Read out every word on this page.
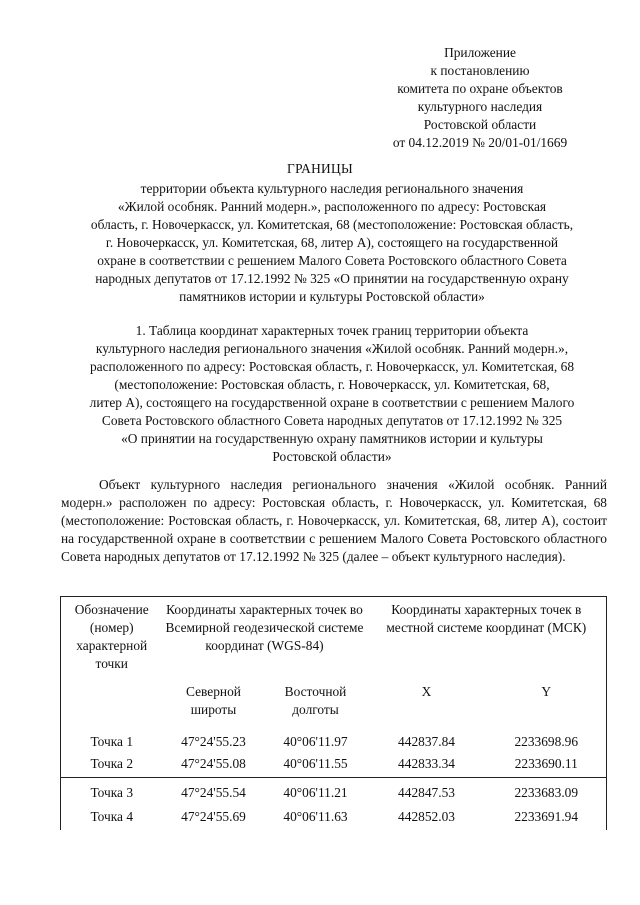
Приложение
к постановлению
комитета по охране объектов
культурного наследия
Ростовской области
от 04.12.2019 № 20/01-01/1669
ГРАНИЦЫ
территории объекта культурного наследия регионального значения
«Жилой особняк. Ранний модерн.», расположенного по адресу: Ростовская
область, г. Новочеркасск, ул. Комитетская, 68 (местоположение: Ростовская область,
г. Новочеркасск, ул. Комитетская, 68, литер А), состоящего на государственной
охране в соответствии с решением Малого Совета Ростовского областного Совета
народных депутатов от 17.12.1992 № 325 «О принятии на государственную охрану
памятников истории и культуры Ростовской области»
1. Таблица координат характерных точек границ территории объекта
культурного наследия регионального значения «Жилой особняк. Ранний модерн.»,
расположенного по адресу: Ростовская область, г. Новочеркасск, ул. Комитетская, 68
(местоположение: Ростовская область, г. Новочеркасск, ул. Комитетская, 68,
литер А), состоящего на государственной охране в соответствии с решением Малого
Совета Ростовского областного Совета народных депутатов от 17.12.1992 № 325
«О принятии на государственную охрану памятников истории и культуры
Ростовской области»
Объект культурного наследия регионального значения «Жилой особняк. Ранний модерн.» расположен по адресу: Ростовская область, г. Новочеркасск, ул. Комитетская, 68 (местоположение: Ростовская область, г. Новочеркасск, ул. Комитетская, 68, литер А), состоит на государственной охране в соответствии с решением Малого Совета Ростовского областного Совета народных депутатов от 17.12.1992 № 325 (далее – объект культурного наследия).
Обозначение (номер) характерной точки	Координаты характерных точек во Всемирной геодезической системе координат (WGS-84)		Координаты характерных точек в местной системе координат (МСК)	
	Северной широты	Восточной долготы	X	Y
Точка 1	47°24'55.23	40°06'11.97	442837.84	2233698.96
Точка 2	47°24'55.08	40°06'11.55	442833.34	2233690.11
Точка 3	47°24'55.54	40°06'11.21	442847.53	2233683.09
Точка 4	47°24'55.69	40°06'11.63	442852.03	2233691.94
